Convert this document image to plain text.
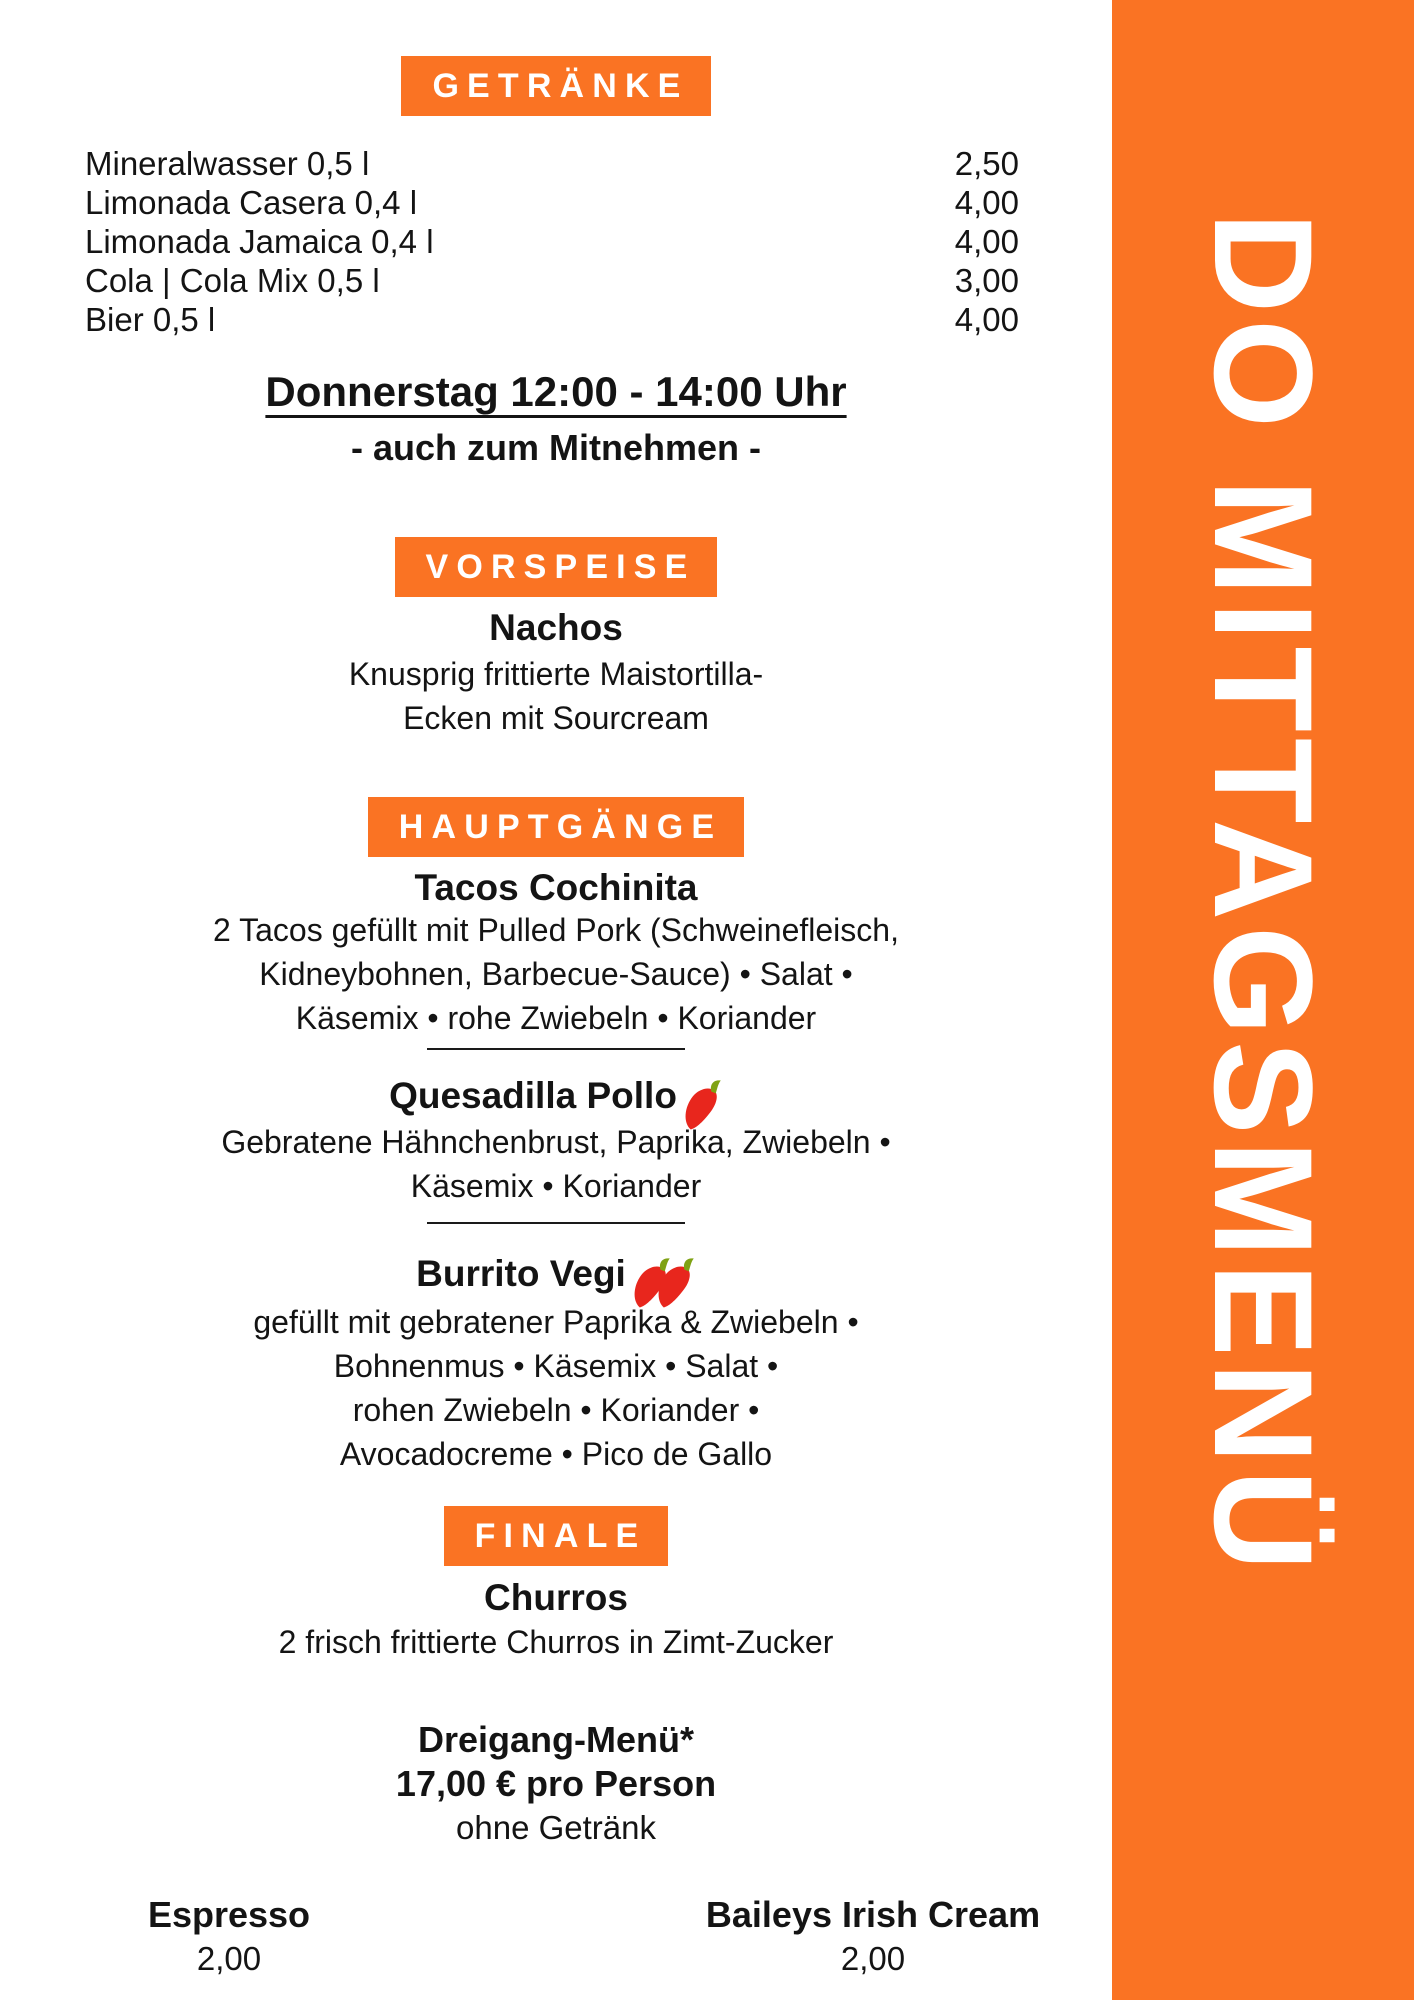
GETRÄNKE
Mineralwasser 0,5 l	2,50
Limonada Casera 0,4 l	4,00
Limonada Jamaica 0,4 l	4,00
Cola | Cola Mix 0,5 l	3,00
Bier 0,5 l	4,00
Donnerstag 12:00 - 14:00 Uhr
- auch zum Mitnehmen -
VORSPEISE
Nachos
Knusprig frittierte Maistortilla-
Ecken mit Sourcream
HAUPTGÄNGE
Tacos Cochinita
2 Tacos gefüllt mit Pulled Pork (Schweinefleisch,
Kidneybohnen, Barbecue-Sauce) • Salat •
Käsemix • rohe Zwiebeln • Koriander
Quesadilla Pollo
Gebratene Hähnchenbrust, Paprika, Zwiebeln •
Käsemix • Koriander
Burrito Vegi
gefüllt mit gebratener Paprika & Zwiebeln •
Bohnenmus • Käsemix • Salat •
rohen Zwiebeln • Koriander •
Avocadocreme • Pico de Gallo
FINALE
Churros
2 frisch frittierte Churros in Zimt-Zucker
Dreigang-Menü*
17,00 € pro Person
ohne Getränk
Espresso
2,00
Baileys Irish Cream
2,00
DO MITTAGSMENÜ
